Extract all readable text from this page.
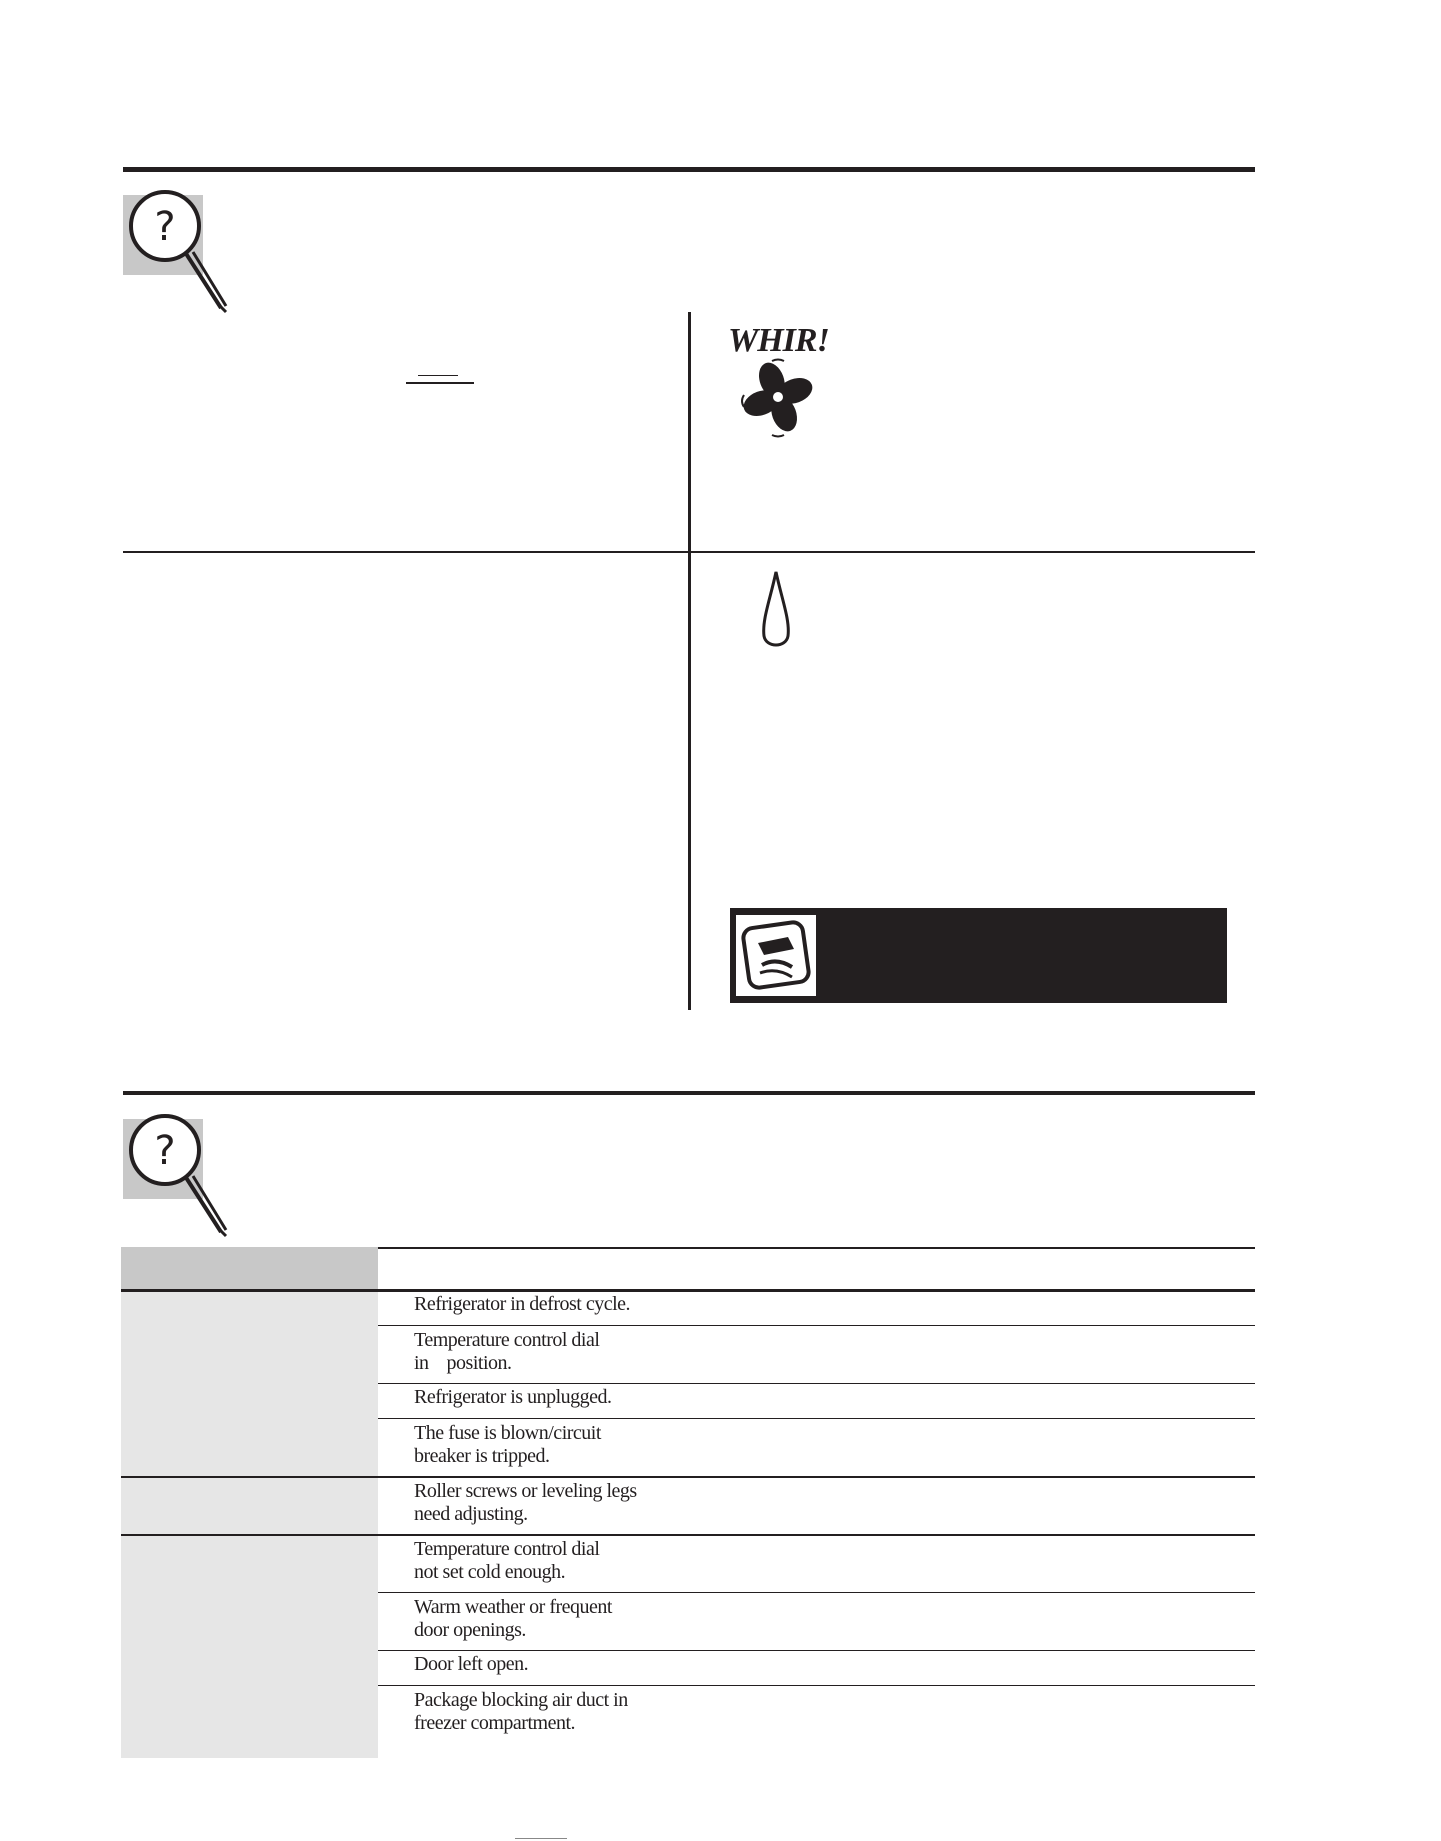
?
WHIR!
?
Refrigerator in defrost cycle.
Temperature control dial
in    position.
Refrigerator is unplugged.
The fuse is blown/circuit
breaker is tripped.
Roller screws or leveling legs
need adjusting.
Temperature control dial
not set cold enough.
Warm weather or frequent
door openings.
Door left open.
Package blocking air duct in
freezer compartment.
